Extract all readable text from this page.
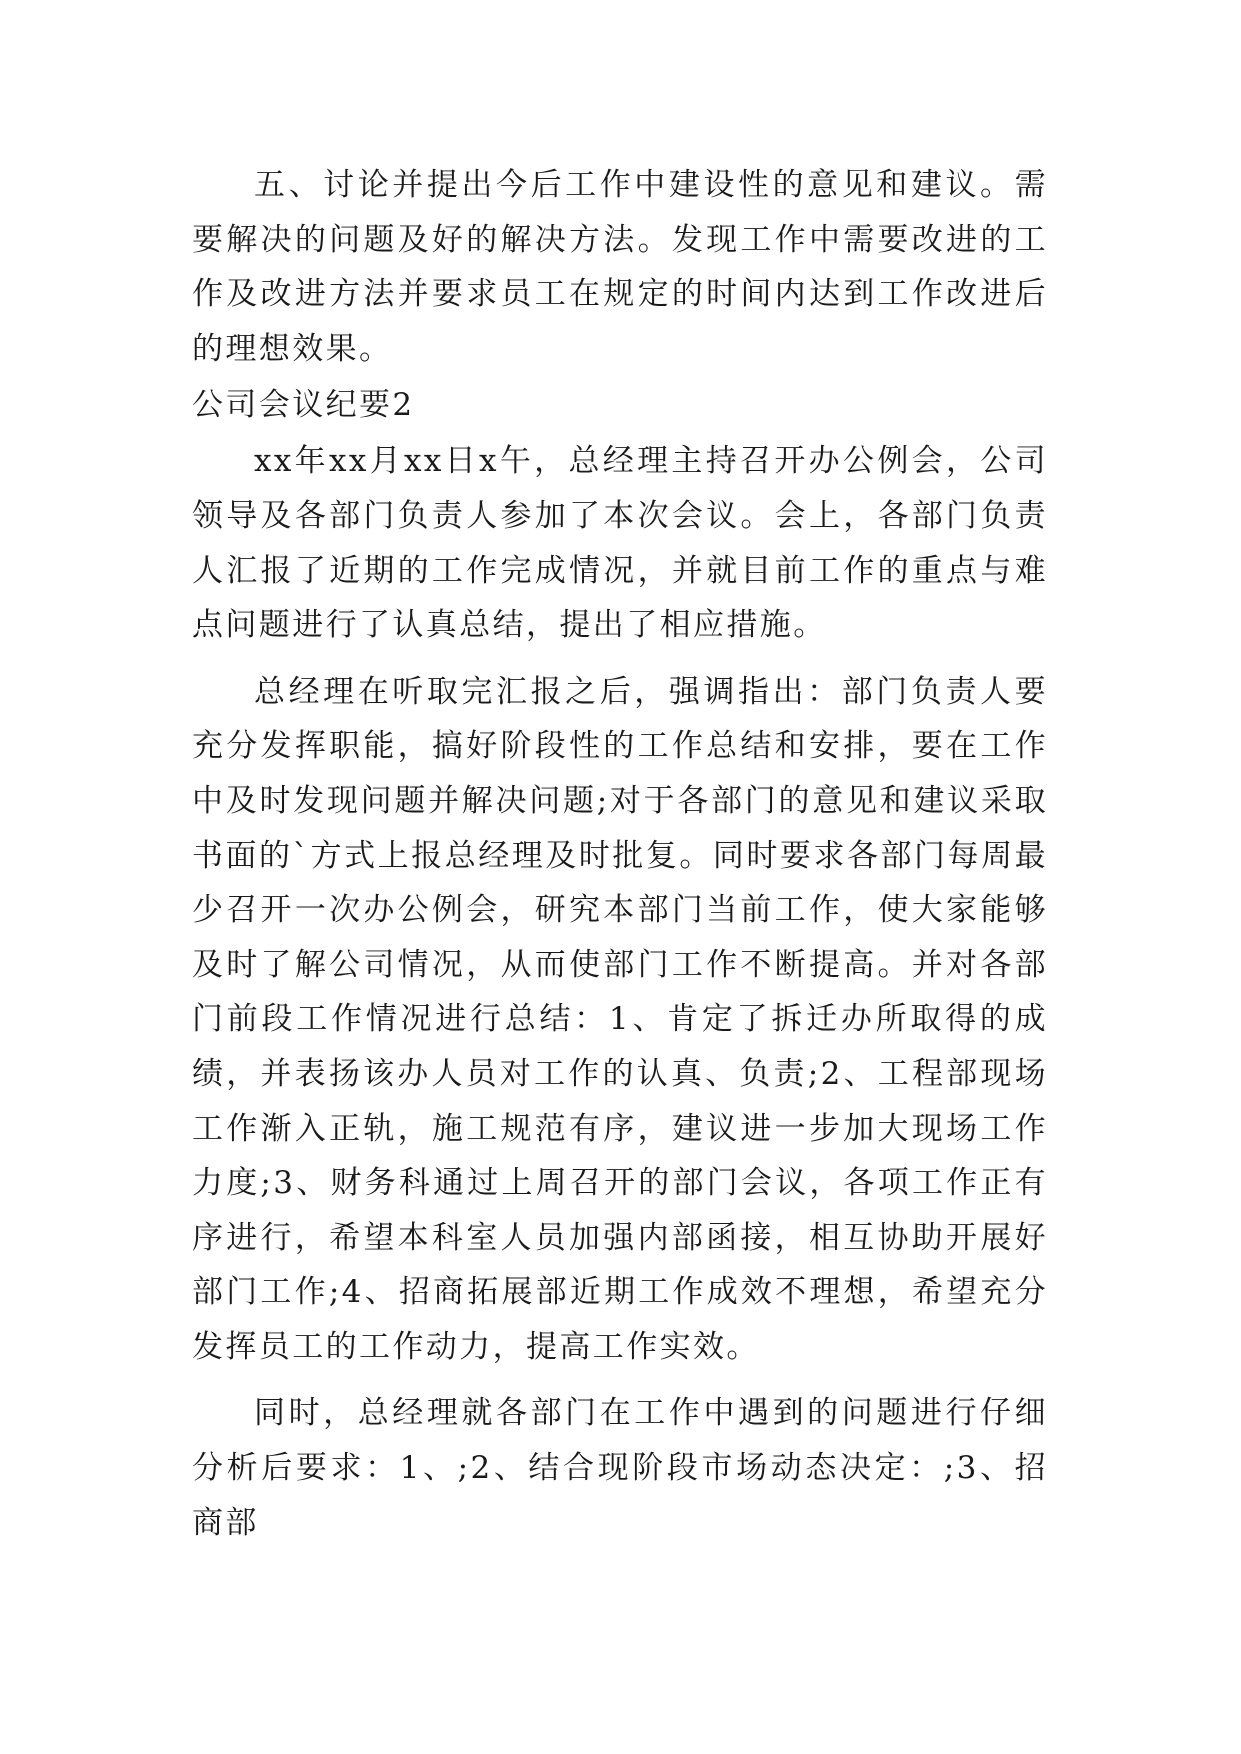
五、讨论并提出今后工作中建设性的意见和建议。需要解决的问题及好的解决方法。发现工作中需要改进的工作及改进方法并要求员工在规定的时间内达到工作改进后的理想效果。

公司会议纪要2

xx年xx月xx日x午，总经理主持召开办公例会，公司领导及各部门负责人参加了本次会议。会上，各部门负责人汇报了近期的工作完成情况，并就目前工作的重点与难点问题进行了认真总结，提出了相应措施。

总经理在听取完汇报之后，强调指出：部门负责人要充分发挥职能，搞好阶段性的工作总结和安排，要在工作中及时发现问题并解决问题;对于各部门的意见和建议采取书面的`方式上报总经理及时批复。同时要求各部门每周最少召开一次办公例会，研究本部门当前工作，使大家能够及时了解公司情况，从而使部门工作不断提高。并对各部门前段工作情况进行总结：1、肯定了拆迁办所取得的成绩，并表扬该办人员对工作的认真、负责;2、工程部现场工作渐入正轨，施工规范有序，建议进一步加大现场工作力度;3、财务科通过上周召开的部门会议，各项工作正有序进行，希望本科室人员加强内部函接，相互协助开展好部门工作;4、招商拓展部近期工作成效不理想，希望充分发挥员工的工作动力，提高工作实效。

同时，总经理就各部门在工作中遇到的问题进行仔细分析后要求：1、;2、结合现阶段市场动态决定：;3、招商部
